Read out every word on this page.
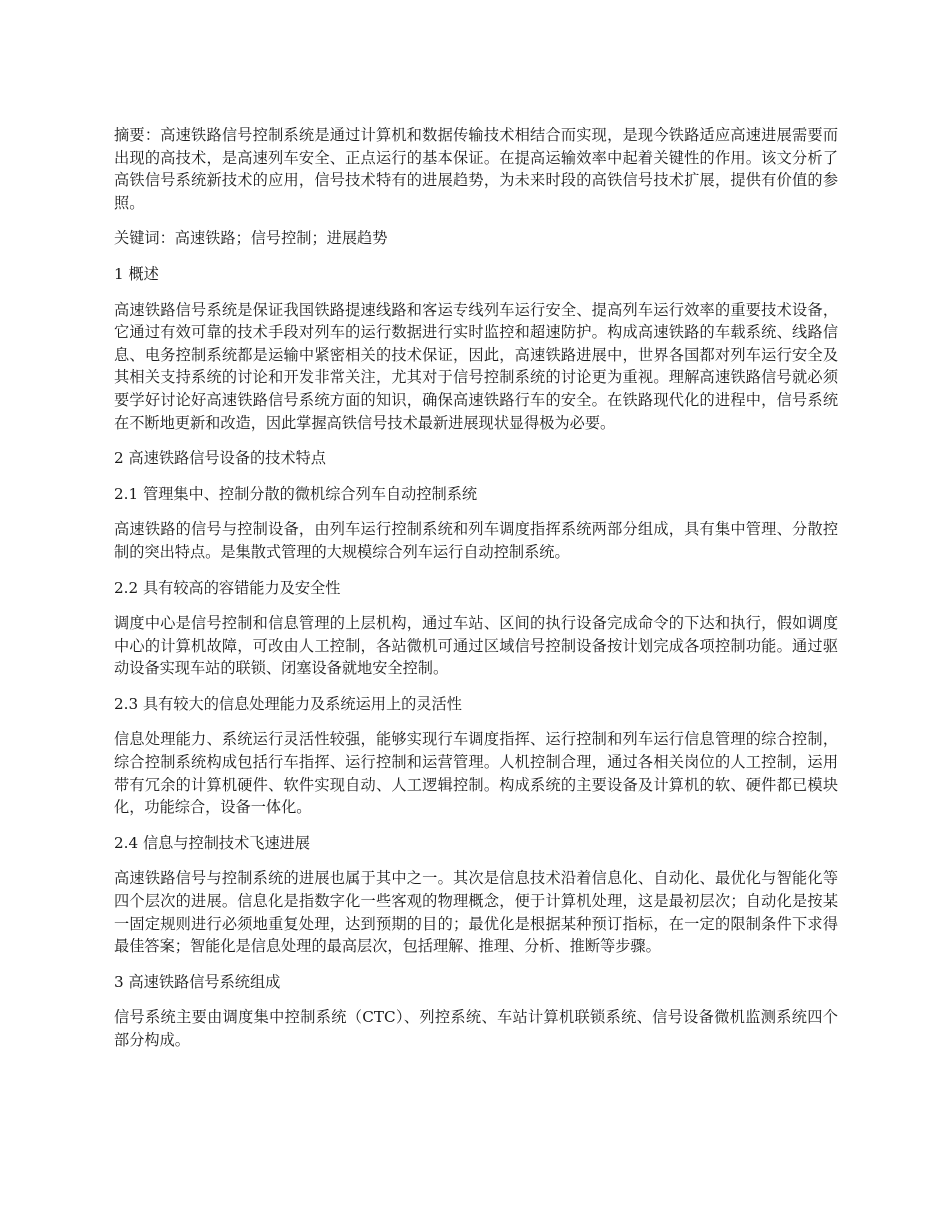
摘要：高速铁路信号控制系统是通过计算机和数据传输技术相结合而实现，是现今铁路适应高速进展需要而出现的高技术，是高速列车安全、正点运行的基本保证。在提高运输效率中起着关键性的作用。该文分析了高铁信号系统新技术的应用，信号技术特有的进展趋势，为未来时段的高铁信号技术扩展，提供有价值的参照。

关键词：高速铁路；信号控制；进展趋势

1 概述

高速铁路信号系统是保证我国铁路提速线路和客运专线列车运行安全、提高列车运行效率的重要技术设备，它通过有效可靠的技术手段对列车的运行数据进行实时监控和超速防护。构成高速铁路的车载系统、线路信息、电务控制系统都是运输中紧密相关的技术保证，因此，高速铁路进展中，世界各国都对列车运行安全及其相关支持系统的讨论和开发非常关注，尤其对于信号控制系统的讨论更为重视。理解高速铁路信号就必须要学好讨论好高速铁路信号系统方面的知识，确保高速铁路行车的安全。在铁路现代化的进程中，信号系统在不断地更新和改造，因此掌握高铁信号技术最新进展现状显得极为必要。

2 高速铁路信号设备的技术特点

2.1 管理集中、控制分散的微机综合列车自动控制系统

高速铁路的信号与控制设备，由列车运行控制系统和列车调度指挥系统两部分组成，具有集中管理、分散控制的突出特点。是集散式管理的大规模综合列车运行自动控制系统。

2.2 具有较高的容错能力及安全性

调度中心是信号控制和信息管理的上层机构，通过车站、区间的执行设备完成命令的下达和执行，假如调度中心的计算机故障，可改由人工控制，各站微机可通过区域信号控制设备按计划完成各项控制功能。通过驱动设备实现车站的联锁、闭塞设备就地安全控制。

2.3 具有较大的信息处理能力及系统运用上的灵活性

信息处理能力、系统运行灵活性较强，能够实现行车调度指挥、运行控制和列车运行信息管理的综合控制，综合控制系统构成包括行车指挥、运行控制和运营管理。人机控制合理，通过各相关岗位的人工控制，运用带有冗余的计算机硬件、软件实现自动、人工逻辑控制。构成系统的主要设备及计算机的软、硬件都已模块化，功能综合，设备一体化。

2.4 信息与控制技术飞速进展

高速铁路信号与控制系统的进展也属于其中之一。其次是信息技术沿着信息化、自动化、最优化与智能化等四个层次的进展。信息化是指数字化一些客观的物理概念，便于计算机处理，这是最初层次；自动化是按某一固定规则进行必须地重复处理，达到预期的目的；最优化是根据某种预订指标，在一定的限制条件下求得最佳答案；智能化是信息处理的最高层次，包括理解、推理、分析、推断等步骤。

3 高速铁路信号系统组成

信号系统主要由调度集中控制系统（CTC）、列控系统、车站计算机联锁系统、信号设备微机监测系统四个部分构成。
